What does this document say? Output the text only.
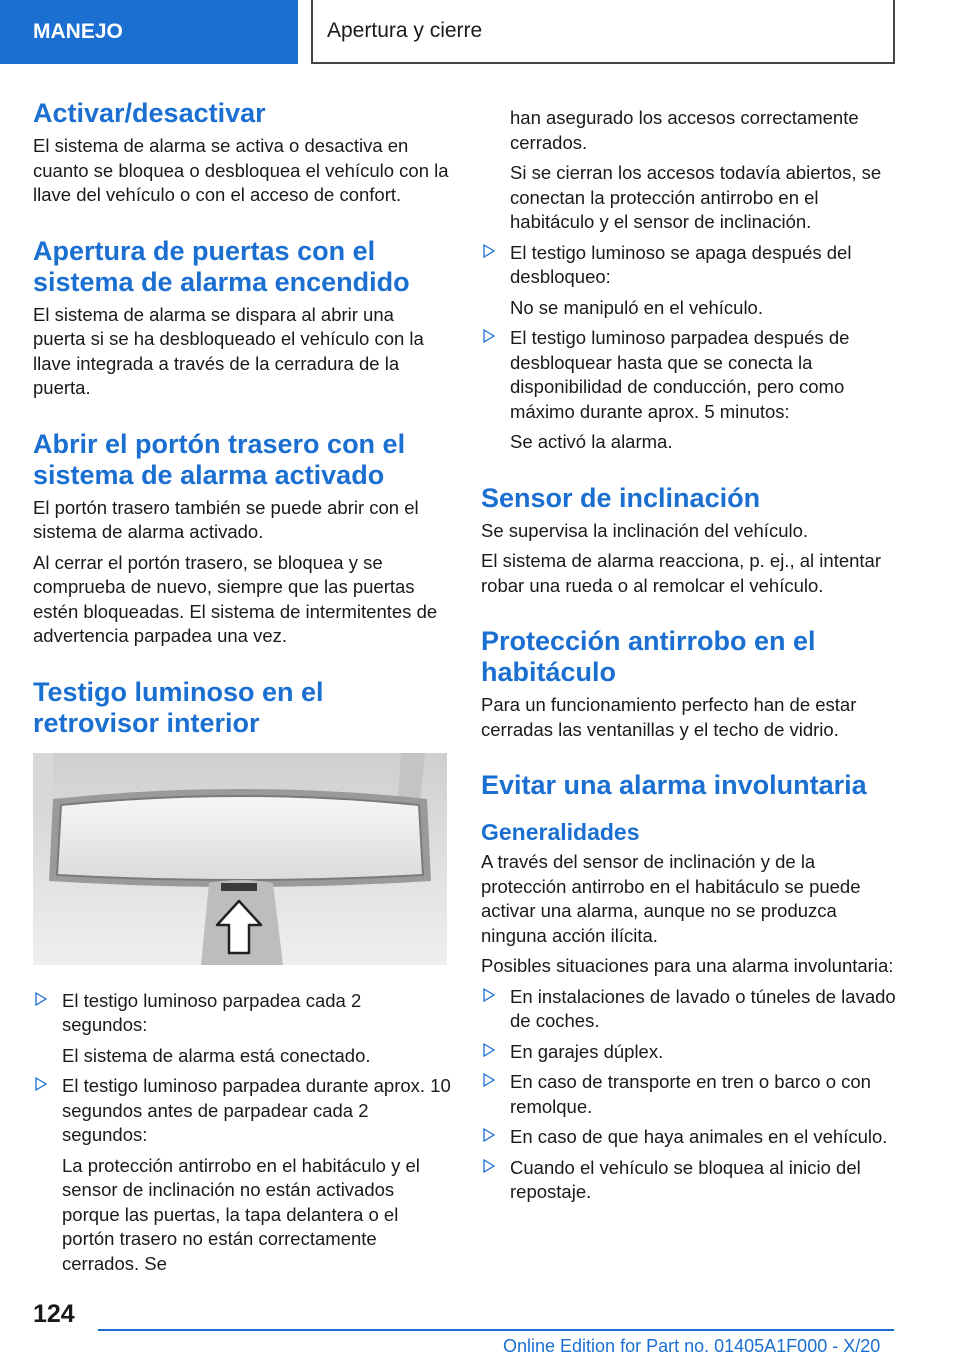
MANEJO	Apertura y cierre
Activar/desactivar

El sistema de alarma se activa o desactiva en cuanto se bloquea o desbloquea el vehículo con la llave del vehículo o con el acceso de confort.

Apertura de puertas con el sistema de alarma encendido

El sistema de alarma se dispara al abrir una puerta si se ha desbloqueado el vehículo con la llave integrada a través de la cerradura de la puerta.

Abrir el portón trasero con el sistema de alarma activado

El portón trasero también se puede abrir con el sistema de alarma activado.

Al cerrar el portón trasero, se bloquea y se comprueba de nuevo, siempre que las puertas estén bloqueadas. El sistema de intermitentes de advertencia parpadea una vez.

Testigo luminoso en el retrovisor interior
El testigo luminoso parpadea cada 2 segundos:

El sistema de alarma está conectado.

El testigo luminoso parpadea durante aprox. 10 segundos antes de parpadear cada 2 segundos:

La protección antirrobo en el habitáculo y el sensor de inclinación no están activados porque las puertas, la tapa delantera o el portón trasero no están correctamente cerrados. Se

han asegurado los accesos correctamente cerrados.

Si se cierran los accesos todavía abiertos, se conectan la protección antirrobo en el habitáculo y el sensor de inclinación.

El testigo luminoso se apaga después del desbloqueo:

No se manipuló en el vehículo.

El testigo luminoso parpadea después de desbloquear hasta que se conecta la disponibilidad de conducción, pero como máximo durante aprox. 5 minutos:

Se activó la alarma.

Sensor de inclinación

Se supervisa la inclinación del vehículo.

El sistema de alarma reacciona, p. ej., al intentar robar una rueda o al remolcar el vehículo.

Protección antirrobo en el habitáculo

Para un funcionamiento perfecto han de estar cerradas las ventanillas y el techo de vidrio.

Evitar una alarma involuntaria
Generalidades

A través del sensor de inclinación y de la protección antirrobo en el habitáculo se puede activar una alarma, aunque no se produzca ninguna acción ilícita.

Posibles situaciones para una alarma involuntaria:

En instalaciones de lavado o túneles de lavado de coches.
En garajes dúplex.
En caso de transporte en tren o barco o con remolque.
En caso de que haya animales en el vehículo.
Cuando el vehículo se bloquea al inicio del repostaje.
124
Online Edition for Part no. 01405A1F000 - X/20
